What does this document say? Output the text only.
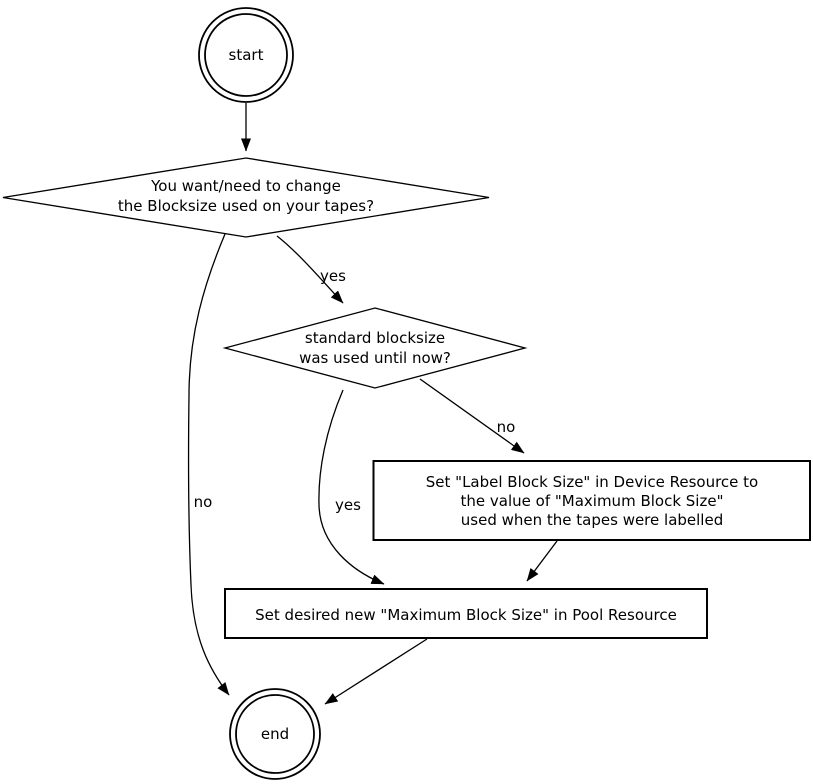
yes
no
no
yes
start
You want/need to change
the Blocksize used on your tapes?
standard blocksize
was used until now?
Set "Label Block Size" in Device Resource to
the value of "Maximum Block Size"
used when the tapes were labelled
Set desired new "Maximum Block Size" in Pool Resource
end
